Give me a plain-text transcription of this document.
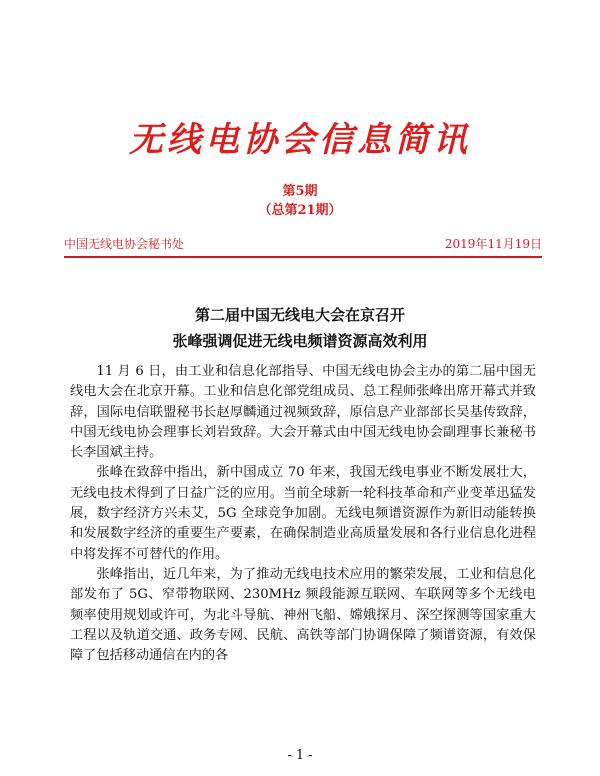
无线电协会信息简讯
第5期
（总第21期）
中国无线电协会秘书处	2019年11月19日
第二届中国无线电大会在京召开
张峰强调促进无线电频谱资源高效利用

11 月 6 日，由工业和信息化部指导、中国无线电协会主办的第二届中国无线电大会在北京开幕。工业和信息化部党组成员、总工程师张峰出席开幕式并致辞，国际电信联盟秘书长赵厚麟通过视频致辞，原信息产业部部长吴基传致辞，中国无线电协会理事长刘岩致辞。大会开幕式由中国无线电协会副理事长兼秘书长李国斌主持。

张峰在致辞中指出，新中国成立 70 年来，我国无线电事业不断发展壮大，无线电技术得到了日益广泛的应用。当前全球新一轮科技革命和产业变革迅猛发展，数字经济方兴未艾，5G 全球竞争加剧。无线电频谱资源作为新旧动能转换和发展数字经济的重要生产要素，在确保制造业高质量发展和各行业信息化进程中将发挥不可替代的作用。

张峰指出，近几年来，为了推动无线电技术应用的繁荣发展，工业和信息化部发布了 5G、窄带物联网、230MHz 频段能源互联网、车联网等多个无线电频率使用规划或许可，为北斗导航、神州飞船、嫦娥探月、深空探测等国家重大工程以及轨道交通、政务专网、民航、高铁等部门协调保障了频谱资源，有效保障了包括移动通信在内的各

- 1 -
